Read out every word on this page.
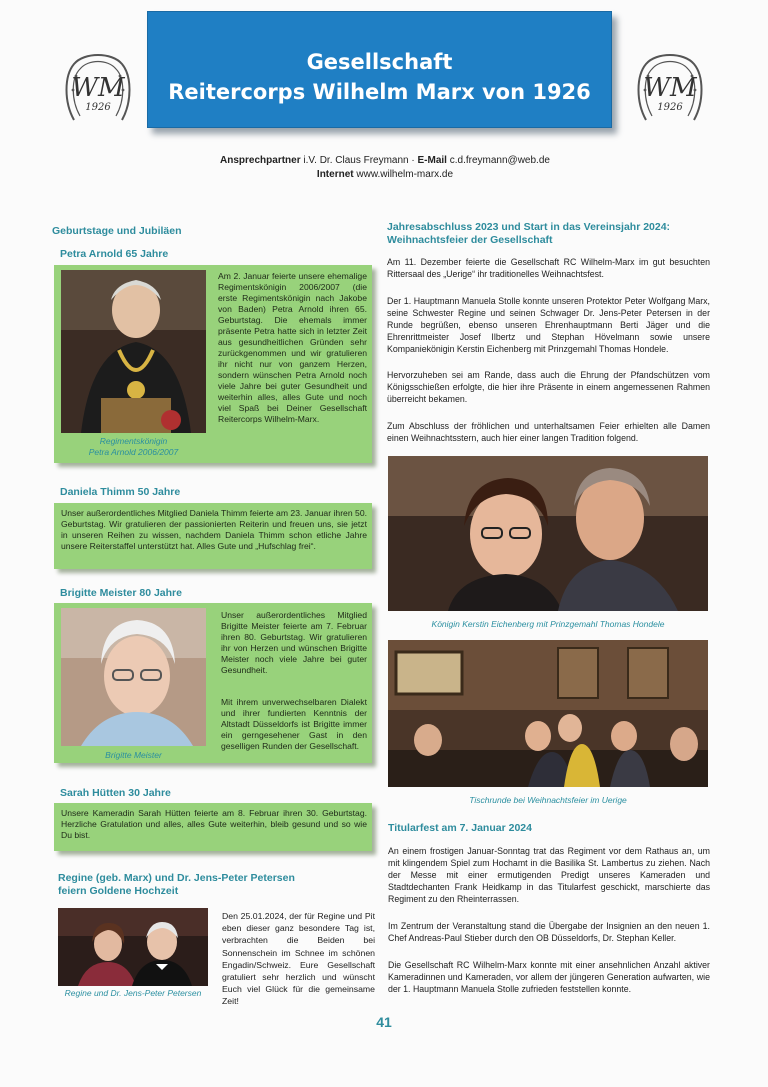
WM
1926
Gesellschaft
Reitercorps Wilhelm Marx von 1926	WM
1926
Ansprechpartner i.V. Dr. Claus Freymann · E-Mail c.d.freymann@web.de
Internet www.wilhelm-marx.de
Geburtstage und Jubiläen
Petra Arnold 65 Jahre
Regimentskönigin
Petra Arnold 2006/2007
Am 2. Januar feierte unsere ehemalige Regimentskönigin 2006/2007 (die erste Regimentskönigin nach Jakobe von Baden) Petra Arnold ihren 65. Geburtstag. Die ehemals immer präsente Petra hatte sich in letzter Zeit aus gesundheitlichen Gründen sehr zurückgenommen und wir gratulieren ihr nicht nur von ganzem Herzen, sondern wünschen Petra Arnold noch viele Jahre bei guter Gesundheit und weiterhin alles, alles Gute und noch viel Spaß bei Deiner Gesellschaft Reitercorps Wilhelm-Marx.
Daniela Thimm 50 Jahre
Unser außerordentliches Mitglied Daniela Thimm feierte am 23. Januar ihren 50. Geburtstag. Wir gratulieren der passionierten Reiterin und freuen uns, sie jetzt in unseren Reihen zu wissen, nachdem Daniela Thimm schon etliche Jahre unsere Reiterstaffel unterstützt hat. Alles Gute und „Hufschlag frei“.
Brigitte Meister 80 Jahre
Brigitte Meister
Unser außerordentliches Mitglied Brigitte Meister feierte am 7. Februar ihren 80. Geburtstag. Wir gratulieren ihr von Herzen und wünschen Brigitte Meister noch viele Jahre bei guter Gesundheit.
Mit ihrem unverwechselbaren Dialekt und ihrer fundierten Kenntnis der Altstadt Düsseldorfs ist Brigitte immer ein gerngesehener Gast in den geselligen Runden der Gesellschaft.
Sarah Hütten 30 Jahre
Unsere Kameradin Sarah Hütten feierte am 8. Februar ihren 30. Geburtstag. Herzliche Gratulation und alles, alles Gute weiterhin, bleib gesund und so wie Du bist.
Regine (geb. Marx) und Dr. Jens-Peter Petersen
feiern Goldene Hochzeit
Regine und Dr. Jens-Peter Petersen
Den 25.01.2024, der für Regine und Pit eben dieser ganz besondere Tag ist, verbrachten die Beiden bei Sonnenschein im Schnee im schönen Engadin/Schweiz. Eure Gesellschaft gratuliert sehr herzlich und wünscht Euch viel Glück für die gemeinsame Zeit!
Jahresabschluss 2023 und Start in das Vereinsjahr 2024:
Weihnachtsfeier der Gesellschaft
Am 11. Dezember feierte die Gesellschaft RC Wilhelm-Marx im gut besuchten Rittersaal des „Uerige“ ihr traditionelles Weihnachtsfest.
Der 1. Hauptmann Manuela Stolle konnte unseren Protektor Peter Wolfgang Marx, seine Schwester Regine und seinen Schwager Dr. Jens-Peter Petersen in der Runde begrüßen, ebenso unseren Ehrenhauptmann Berti Jäger und die Ehrenrittmeister Josef Ilbertz und Stephan Hövelmann sowie unsere Kompaniekönigin Kerstin Eichenberg mit Prinzgemahl Thomas Hondele.
Hervorzuheben sei am Rande, dass auch die Ehrung der Pfandschützen vom Königsschießen erfolgte, die hier ihre Präsente in einem angemessenen Rahmen überreicht bekamen.
Zum Abschluss der fröhlichen und unterhaltsamen Feier erhielten alle Damen einen Weihnachtsstern, auch hier einer langen Tradition folgend.
Königin Kerstin Eichenberg mit Prinzgemahl Thomas Hondele
Tischrunde bei Weihnachtsfeier im Uerige
Titularfest am 7. Januar 2024
An einem frostigen Januar-Sonntag trat das Regiment vor dem Rathaus an, um mit klingendem Spiel zum Hochamt in die Basilika St. Lambertus zu ziehen. Nach der Messe mit einer ermutigenden Predigt unseres Kameraden und Stadtdechanten Frank Heidkamp in das Titularfest geschickt, marschierte das Regiment zu den Rheinterrassen.
Im Zentrum der Veranstaltung stand die Übergabe der Insignien an den neuen 1. Chef Andreas-Paul Stieber durch den OB Düsseldorfs, Dr. Stephan Keller.
Die Gesellschaft RC Wilhelm-Marx konnte mit einer ansehnlichen Anzahl aktiver Kameradinnen und Kameraden, vor allem der jüngeren Generation aufwarten, wie der 1. Hauptmann Manuela Stolle zufrieden feststellen konnte.
41
